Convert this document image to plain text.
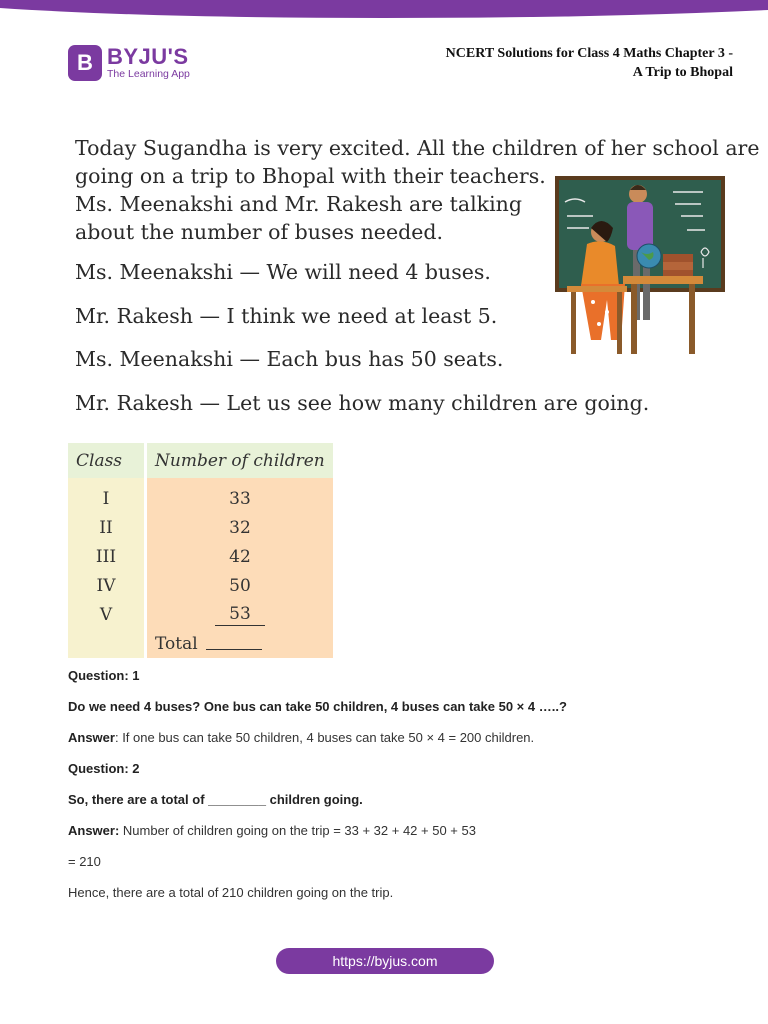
B BYJU'S
The Learning App
NCERT Solutions for Class 4 Maths Chapter 3 -
A Trip to Bhopal
Today Sugandha is very excited. All the children of her school are
going on a trip to Bhopal with their teachers.
Ms. Meenakshi and Mr. Rakesh are talking
about the number of buses needed.
Ms. Meenakshi — We will need 4 buses.
Mr. Rakesh — I think we need at least 5.
Ms. Meenakshi — Each bus has 50 seats.
Mr. Rakesh — Let us see how many children are going.
Class	Number of children
I	33
II	32
III	42
IV	50
V	53
	Total
Question: 1
Do we need 4 buses? One bus can take 50 children, 4 buses can take 50 × 4 …..?
Answer: If one bus can take 50 children, 4 buses can take 50 × 4 = 200 children.
Question: 2
So, there are a total of ________ children going.
Answer: Number of children going on the trip = 33 + 32 + 42 + 50 + 53
= 210
Hence, there are a total of 210 children going on the trip.
https://byjus.com
